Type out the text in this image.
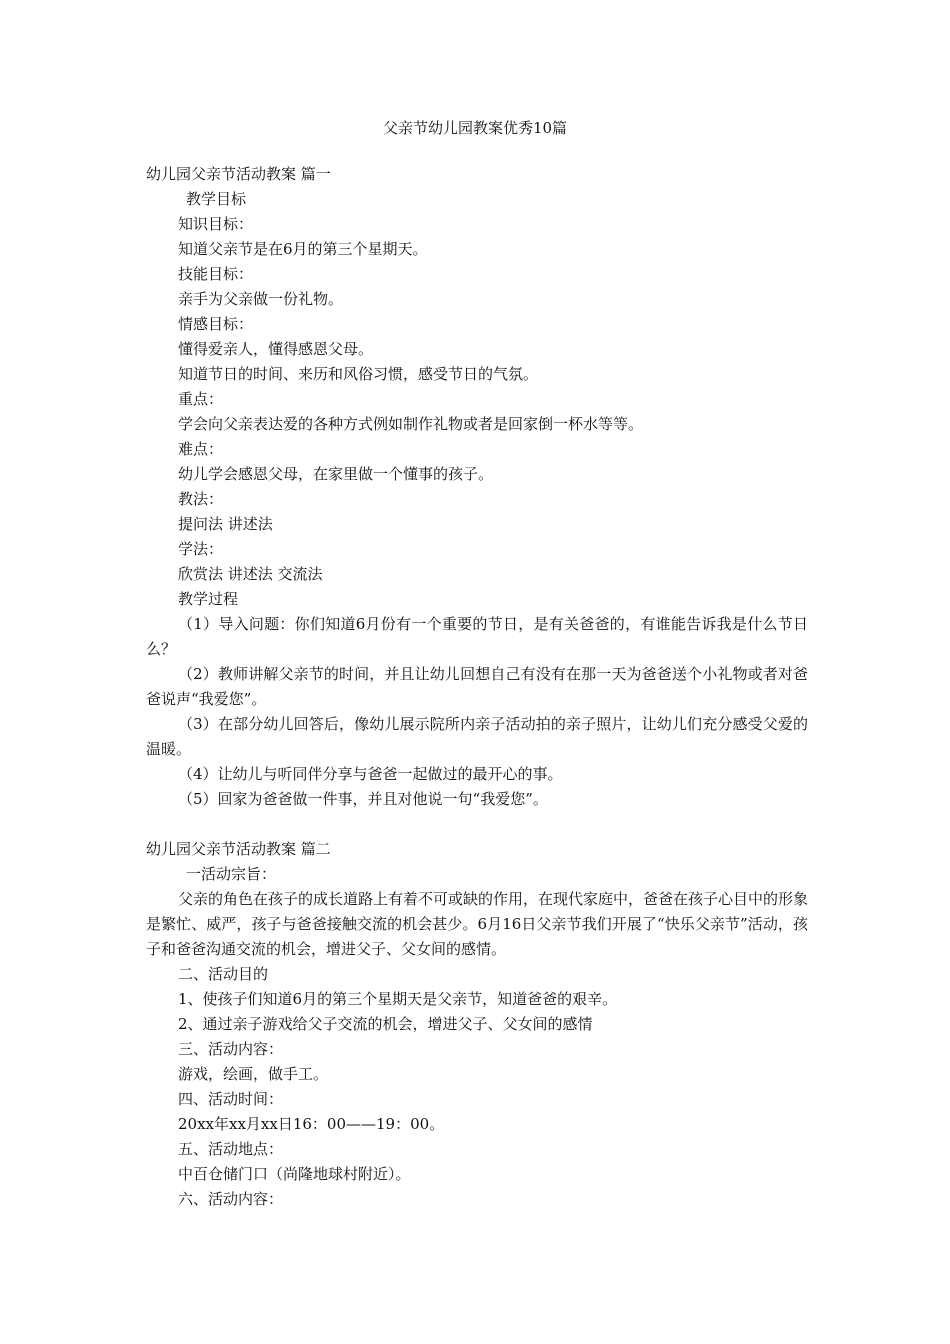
父亲节幼儿园教案优秀10篇
幼儿园父亲节活动教案 篇一
教学目标
知识目标：
知道父亲节是在6月的第三个星期天。
技能目标：
亲手为父亲做一份礼物。
情感目标：
懂得爱亲人，懂得感恩父母。
知道节日的时间、来历和风俗习惯，感受节日的气氛。
重点：
学会向父亲表达爱的各种方式例如制作礼物或者是回家倒一杯水等等。
难点：
幼儿学会感恩父母，在家里做一个懂事的孩子。
教法：
提问法 讲述法
学法：
欣赏法 讲述法 交流法
教学过程

（1）导入问题：你们知道6月份有一个重要的节日，是有关爸爸的，有谁能告诉我是什么节日么？

（2）教师讲解父亲节的时间，并且让幼儿回想自己有没有在那一天为爸爸送个小礼物或者对爸爸说声“我爱您”。

（3）在部分幼儿回答后，像幼儿展示院所内亲子活动拍的亲子照片，让幼儿们充分感受父爱的温暖。

（4）让幼儿与听同伴分享与爸爸一起做过的最开心的事。

（5）回家为爸爸做一件事，并且对他说一句“我爱您”。

幼儿园父亲节活动教案 篇二
一活动宗旨：

父亲的角色在孩子的成长道路上有着不可或缺的作用，在现代家庭中，爸爸在孩子心目中的形象是繁忙、威严，孩子与爸爸接触交流的机会甚少。6月16日父亲节我们开展了“快乐父亲节”活动，孩子和爸爸沟通交流的机会，增进父子、父女间的感情。

二、活动目的
1、使孩子们知道6月的第三个星期天是父亲节，知道爸爸的艰辛。
2、通过亲子游戏给父子交流的机会，增进父子、父女间的感情
三、活动内容：
游戏，绘画，做手工。
四、活动时间：
20xx年xx月xx日16：00——19：00。
五、活动地点：
中百仓储门口（尚隆地球村附近）。
六、活动内容：
